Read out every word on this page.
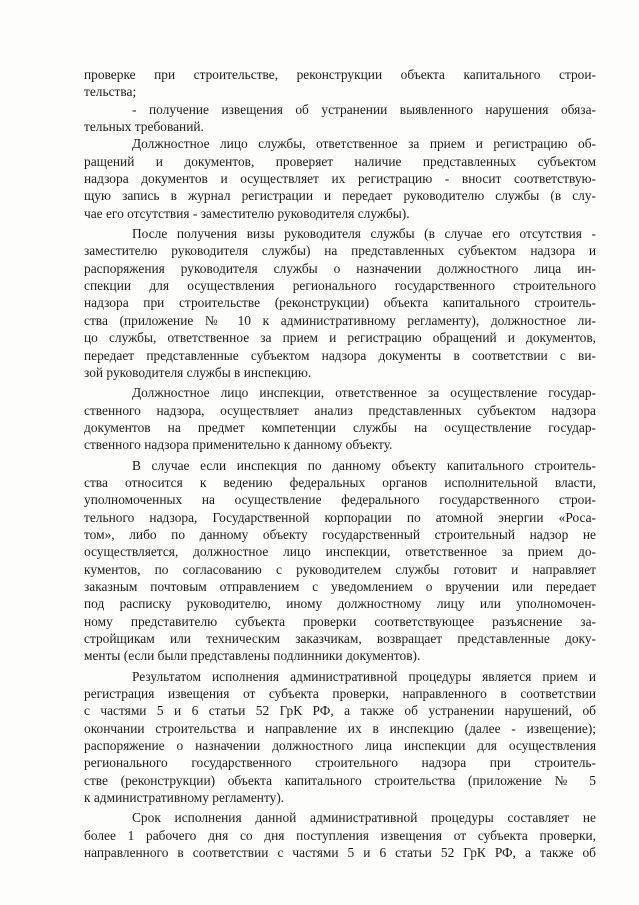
проверке при строительстве, реконструкции объекта капитального строи-
тельства;
- получение извещения об устранении выявленного нарушения обяза-
тельных требований.
Должностное лицо службы, ответственное за прием и регистрацию об-
ращений и документов, проверяет наличие представленных субъектом
надзора документов и осуществляет их регистрацию - вносит соответствую-
щую запись в журнал регистрации и передает руководителю службы (в слу-
чае его отсутствия - заместителю руководителя службы).
После получения визы руководителя службы (в случае его отсутствия -
заместителю руководителя службы) на представленных субъектом надзора и
распоряжения руководителя службы о назначении должностного лица ин-
спекции для осуществления регионального государственного строительного
надзора при строительстве (реконструкции) объекта капитального строитель-
ства (приложение № 10 к административному регламенту), должностное ли-
цо службы, ответственное за прием и регистрацию обращений и документов,
передает представленные субъектом надзора документы в соответствии с ви-
зой руководителя службы в инспекцию.
Должностное лицо инспекции, ответственное за осуществление государ-
ственного надзора, осуществляет анализ представленных субъектом надзора
документов на предмет компетенции службы на осуществление государ-
ственного надзора применительно к данному объекту.
В случае если инспекция по данному объекту капитального строитель-
ства относится к ведению федеральных органов исполнительной власти,
уполномоченных на осуществление федерального государственного строи-
тельного надзора, Государственной корпорации по атомной энергии «Роса-
том», либо по данному объекту государственный строительный надзор не
осуществляется, должностное лицо инспекции, ответственное за прием до-
кументов, по согласованию с руководителем службы готовит и направляет
заказным почтовым отправлением с уведомлением о вручении или передает
под расписку руководителю, иному должностному лицу или уполномочен-
ному представителю субъекта проверки соответствующее разъяснение за-
стройщикам или техническим заказчикам, возвращает представленные доку-
менты (если были представлены подлинники документов).
Результатом исполнения административной процедуры является прием и
регистрация извещения от субъекта проверки, направленного в соответствии
с частями 5 и 6 статьи 52 ГрК РФ, а также об устранении нарушений, об
окончании строительства и направление их в инспекцию (далее - извещение);
распоряжение о назначении должностного лица инспекции для осуществления
регионального государственного строительного надзора при строитель-
стве (реконструкции) объекта капитального строительства (приложение № 5
к административному регламенту).
Срок исполнения данной административной процедуры составляет не
более 1 рабочего дня со дня поступления извещения от субъекта проверки,
направленного в соответствии с частями 5 и 6 статьи 52 ГрК РФ, а также об
